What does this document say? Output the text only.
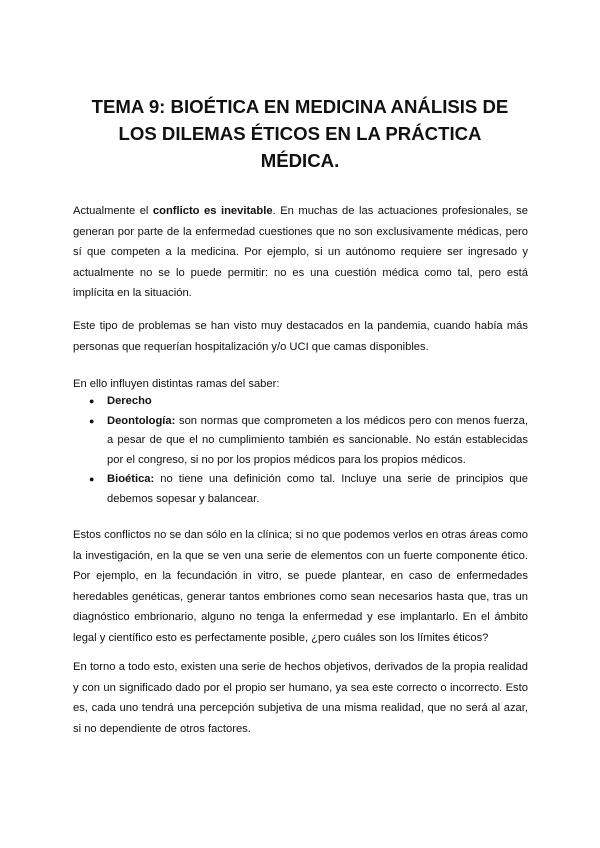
TEMA 9: BIOÉTICA EN MEDICINA ANÁLISIS DE
LOS DILEMAS ÉTICOS EN LA PRÁCTICA
MÉDICA.

Actualmente el conflicto es inevitable. En muchas de las actuaciones profesionales, se generan por parte de la enfermedad cuestiones que no son exclusivamente médicas, pero sí que competen a la medicina. Por ejemplo, si un autónomo requiere ser ingresado y actualmente no se lo puede permitir: no es una cuestión médica como tal, pero está implícita en la situación.

Este tipo de problemas se han visto muy destacados en la pandemia, cuando había más personas que requerían hospitalización y/o UCI que camas disponibles.

En ello influyen distintas ramas del saber:

● Derecho
● Deontología: son normas que comprometen a los médicos pero con menos fuerza, a pesar de que el no cumplimiento también es sancionable. No están establecidas por el congreso, si no por los propios médicos para los propios médicos.
● Bioética: no tiene una definición como tal. Incluye una serie de principios que debemos sopesar y balancear.

Estos conflictos no se dan sólo en la clínica; si no que podemos verlos en otras áreas como la investigación, en la que se ven una serie de elementos con un fuerte componente ético. Por ejemplo, en la fecundación in vitro, se puede plantear, en caso de enfermedades heredables genéticas, generar tantos embriones como sean necesarios hasta que, tras un diagnóstico embrionario, alguno no tenga la enfermedad y ese implantarlo. En el ámbito legal y científico esto es perfectamente posible, ¿pero cuáles son los límites éticos?

En torno a todo esto, existen una serie de hechos objetivos, derivados de la propia realidad y con un significado dado por el propio ser humano, ya sea este correcto o incorrecto. Esto es, cada uno tendrá una percepción subjetiva de una misma realidad, que no será al azar, si no dependiente de otros factores.
